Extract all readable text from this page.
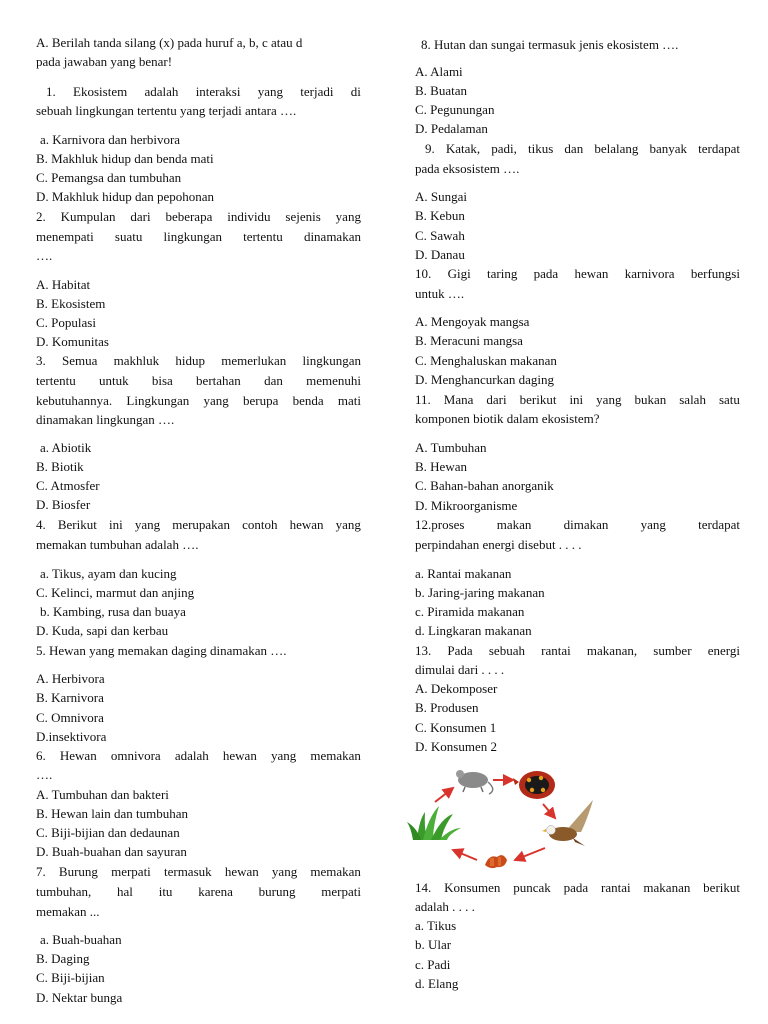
A. Berilah tanda silang (x) pada huruf a, b, c atau d
pada jawaban yang benar!
1. Ekosistem adalah interaksi yang terjadi di
sebuah lingkungan tertentu yang terjadi antara ….
a. Karnivora dan herbivora
B. Makhluk hidup dan benda mati
C. Pemangsa dan tumbuhan
D. Makhluk hidup dan pepohonan
2. Kumpulan dari beberapa individu sejenis yang
menempati suatu lingkungan tertentu dinamakan
….
A. Habitat
B. Ekosistem
C. Populasi
D. Komunitas
3. Semua makhluk hidup memerlukan lingkungan
tertentu untuk bisa bertahan dan memenuhi
kebutuhannya. Lingkungan yang berupa benda mati
dinamakan lingkungan ….
a. Abiotik
B. Biotik
C. Atmosfer
D. Biosfer
4. Berikut ini yang merupakan contoh hewan yang
memakan tumbuhan adalah ….
a. Tikus, ayam dan kucing
C. Kelinci, marmut dan anjing
b. Kambing, rusa dan buaya
D. Kuda, sapi dan kerbau
5. Hewan yang memakan daging dinamakan ….
A. Herbivora
B. Karnivora
C. Omnivora
D.insektivora
6. Hewan omnivora adalah hewan yang memakan
….
A. Tumbuhan dan bakteri
B. Hewan lain dan tumbuhan
C. Biji-bijian dan dedaunan
D. Buah-buahan dan sayuran
7. Burung merpati termasuk hewan yang memakan
tumbuhan, hal itu karena burung merpati
memakan ...
a. Buah-buahan
B. Daging
C. Biji-bijian
D. Nektar bunga
8. Hutan dan sungai termasuk jenis ekosistem ….
A. Alami
B. Buatan
C. Pegunungan
D. Pedalaman
9. Katak, padi, tikus dan belalang banyak terdapat
pada eksosistem ….
A. Sungai
B. Kebun
C. Sawah
D. Danau
10. Gigi taring pada hewan karnivora berfungsi
untuk ….
A. Mengoyak mangsa
B. Meracuni mangsa
C. Menghaluskan makanan
D. Menghancurkan daging
11. Mana dari berikut ini yang bukan salah satu
komponen biotik dalam ekosistem?
A. Tumbuhan
B. Hewan
C. Bahan-bahan anorganik
D. Mikroorganisme
12.proses makan dimakan yang terdapat
perpindahan energi disebut . . . .
a. Rantai makanan
b. Jaring-jaring makanan
c. Piramida makanan
d. Lingkaran makanan
13. Pada sebuah rantai makanan, sumber energi
dimulai dari . . . .
A. Dekomposer
B. Produsen
C. Konsumen 1
D. Konsumen 2
14. Konsumen puncak pada rantai makanan berikut
adalah . . . .
a. Tikus
b. Ular
c. Padi
d. Elang
